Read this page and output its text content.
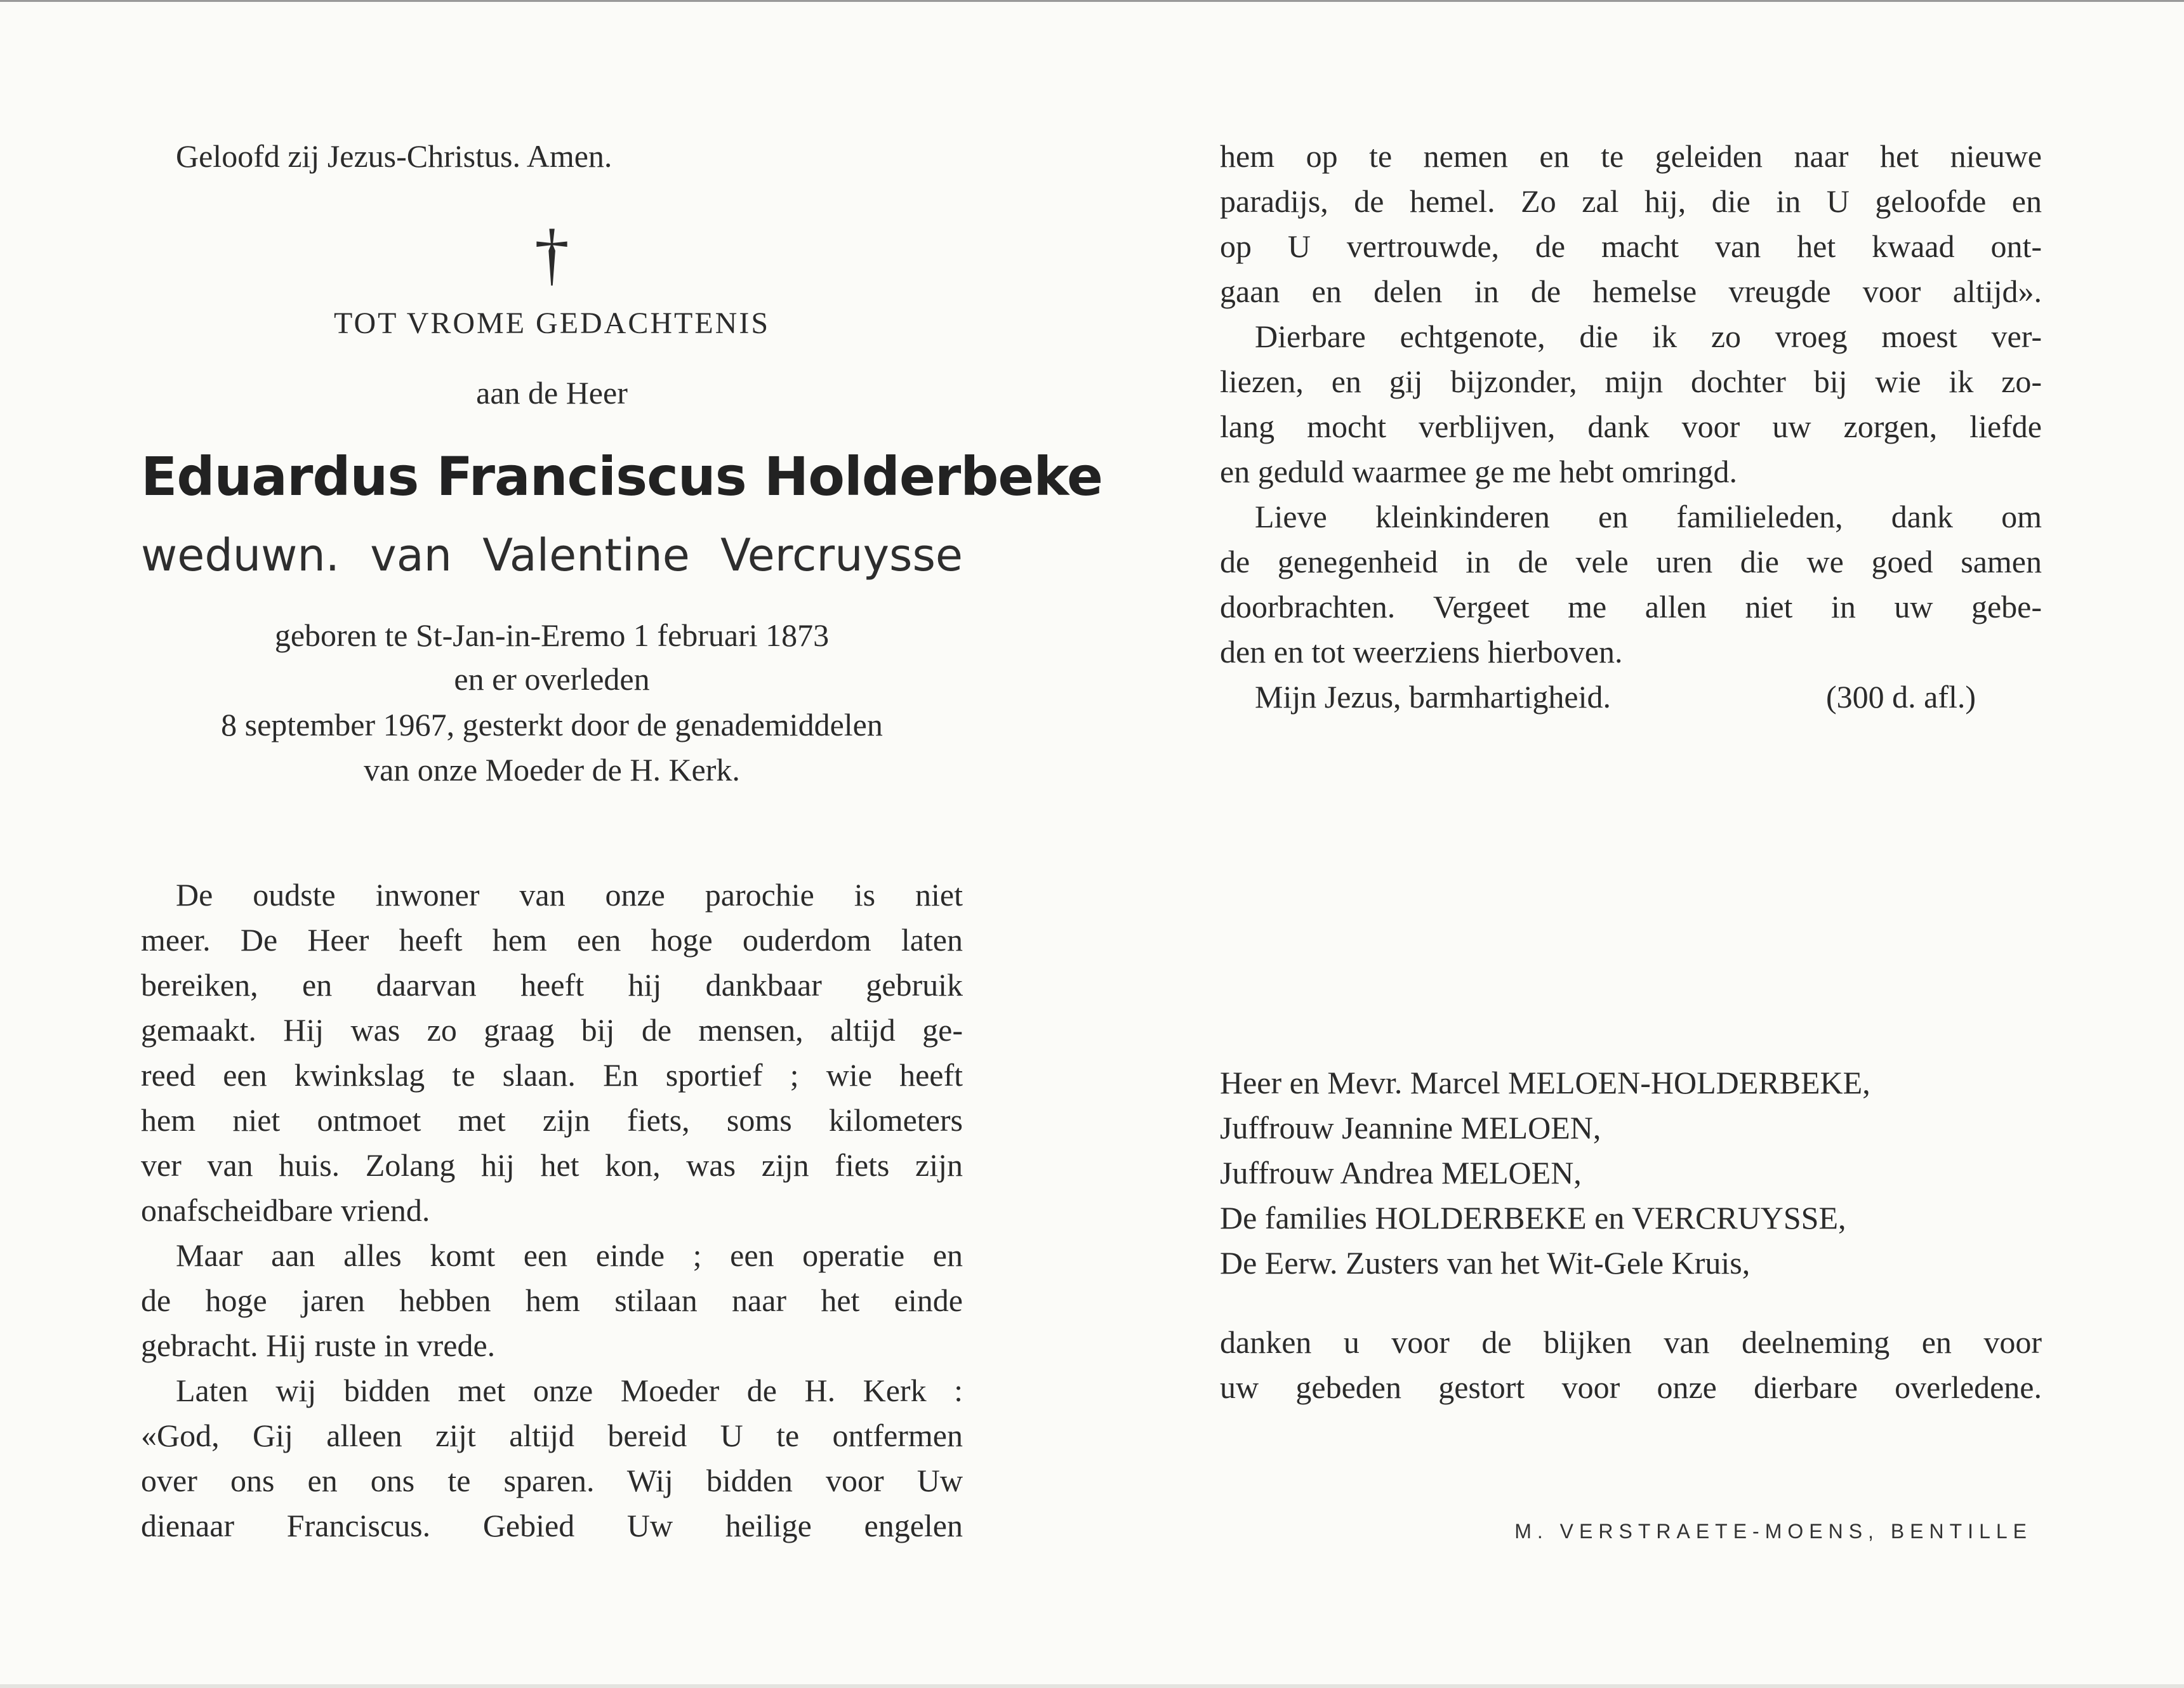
Geloofd zij Jezus-Christus. Amen.
†
TOT VROME GEDACHTENIS
aan de Heer
Eduardus Franciscus Holderbeke
weduwn. van Valentine Vercruysse
geboren te St-Jan-in-Eremo 1 februari 1873
en er overleden
8 september 1967, gesterkt door de genademiddelen
van onze Moeder de H. Kerk.
De oudste inwoner van onze parochie is niet
meer. De Heer heeft hem een hoge ouderdom laten
bereiken, en daarvan heeft hij dankbaar gebruik
gemaakt. Hij was zo graag bij de mensen, altijd ge-
reed een kwinkslag te slaan. En sportief ; wie heeft
hem niet ontmoet met zijn fiets, soms kilometers
ver van huis. Zolang hij het kon, was zijn fiets zijn
onafscheidbare vriend.
Maar aan alles komt een einde ; een operatie en
de hoge jaren hebben hem stilaan naar het einde
gebracht. Hij ruste in vrede.
Laten wij bidden met onze Moeder de H. Kerk :
«God, Gij alleen zijt altijd bereid U te ontfermen
over ons en ons te sparen. Wij bidden voor Uw
dienaar Franciscus. Gebied Uw heilige engelen
hem op te nemen en te geleiden naar het nieuwe
paradijs, de hemel. Zo zal hij, die in U geloofde en
op U vertrouwde, de macht van het kwaad ont-
gaan en delen in de hemelse vreugde voor altijd».
Dierbare echtgenote, die ik zo vroeg moest ver-
liezen, en gij bijzonder, mijn dochter bij wie ik zo-
lang mocht verblijven, dank voor uw zorgen, liefde
en geduld waarmee ge me hebt omringd.
Lieve kleinkinderen en familieleden, dank om
de genegenheid in de vele uren die we goed samen
doorbrachten. Vergeet me allen niet in uw gebe-
den en tot weerziens hierboven.
Mijn Jezus, barmhartigheid.	(300 d. afl.)
Heer en Mevr. Marcel MELOEN-HOLDERBEKE,
Juffrouw Jeannine MELOEN,
Juffrouw Andrea MELOEN,
De families HOLDERBEKE en VERCRUYSSE,
De Eerw. Zusters van het Wit-Gele Kruis,
danken u voor de blijken van deelneming en voor
uw gebeden gestort voor onze dierbare overledene.
M. VERSTRAETE-MOENS, BENTILLE
